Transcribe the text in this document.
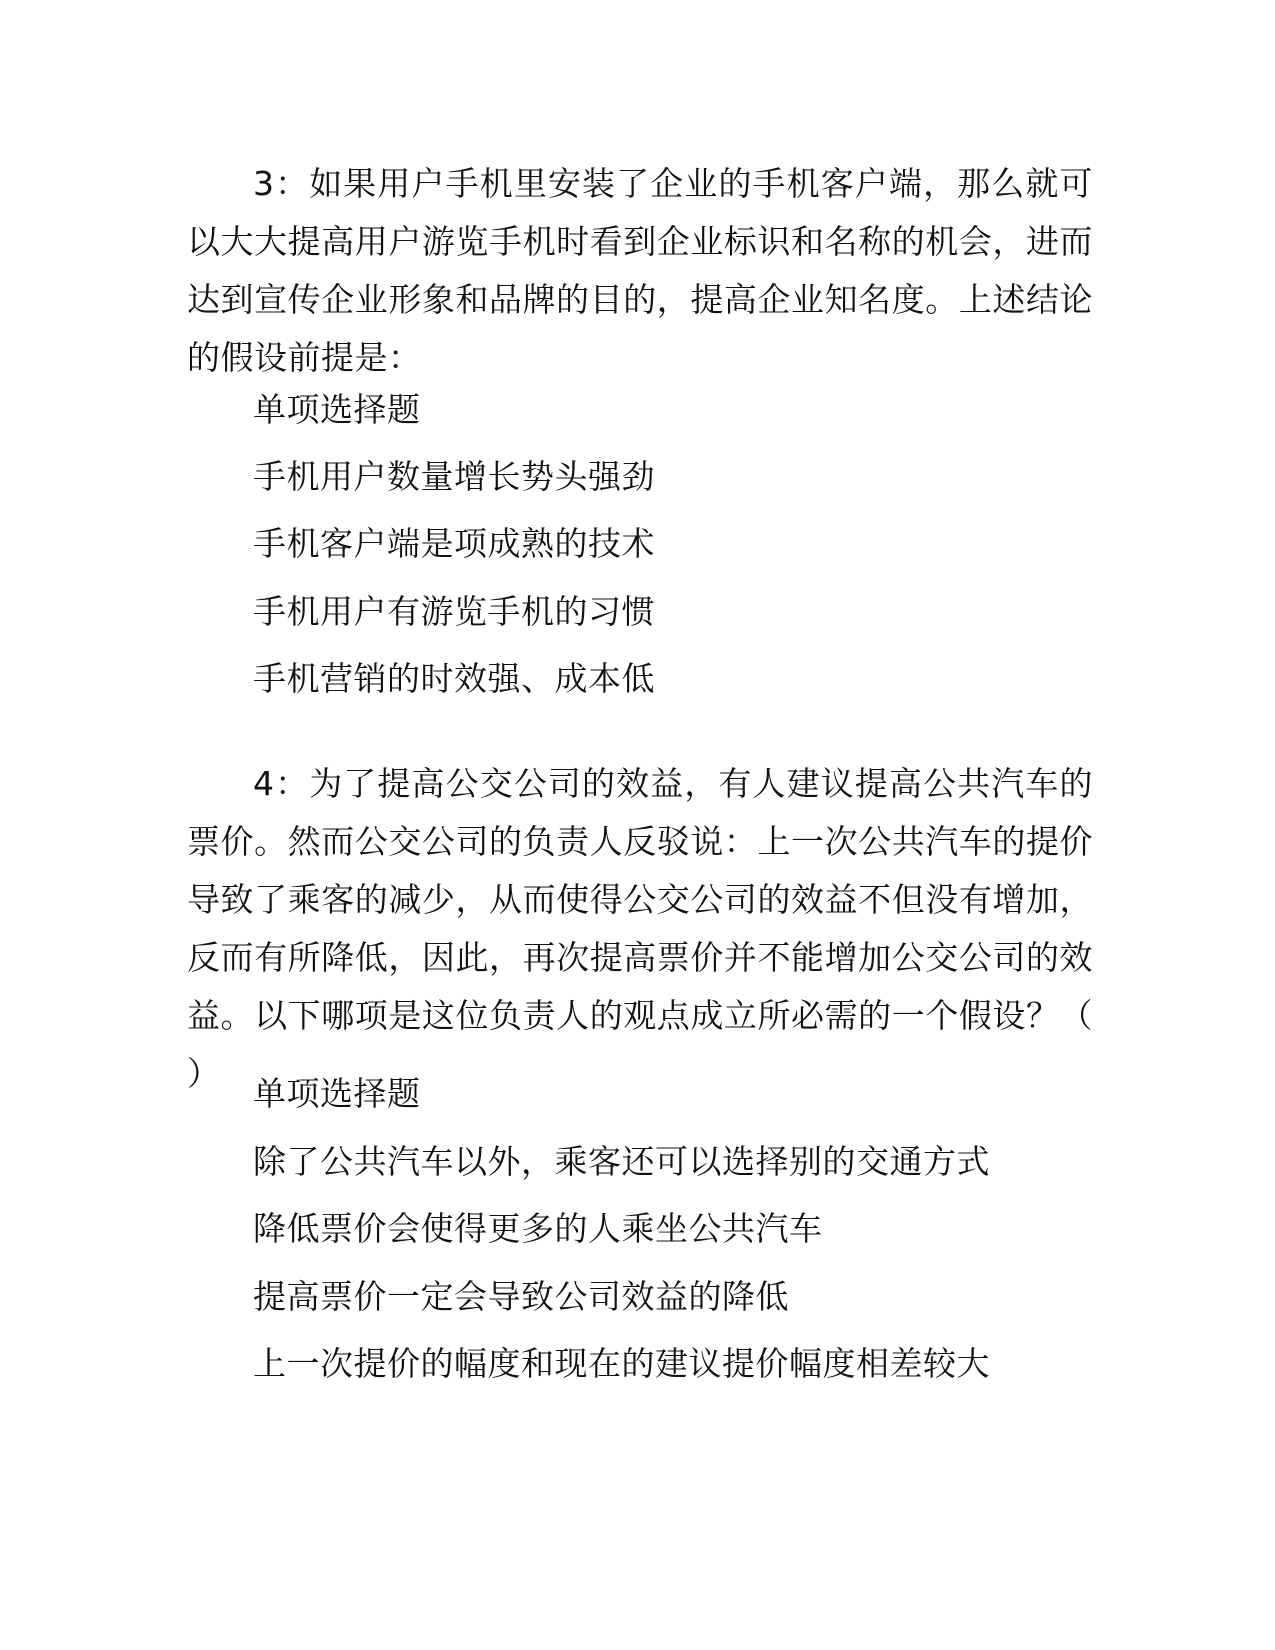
3：如果用户手机里安装了企业的手机客户端，那么就可以大大提高用户游览手机时看到企业标识和名称的机会，进而达到宣传企业形象和品牌的目的，提高企业知名度。上述结论的假设前提是：

单项选择题

手机用户数量增长势头强劲

手机客户端是项成熟的技术

手机用户有游览手机的习惯

手机营销的时效强、成本低

4：为了提高公交公司的效益，有人建议提高公共汽车的票价。然而公交公司的负责人反驳说：上一次公共汽车的提价导致了乘客的减少，从而使得公交公司的效益不但没有增加，反而有所降低，因此，再次提高票价并不能增加公交公司的效益。以下哪项是这位负责人的观点成立所必需的一个假设？（ ）

单项选择题

除了公共汽车以外，乘客还可以选择别的交通方式

降低票价会使得更多的人乘坐公共汽车

提高票价一定会导致公司效益的降低

上一次提价的幅度和现在的建议提价幅度相差较大
